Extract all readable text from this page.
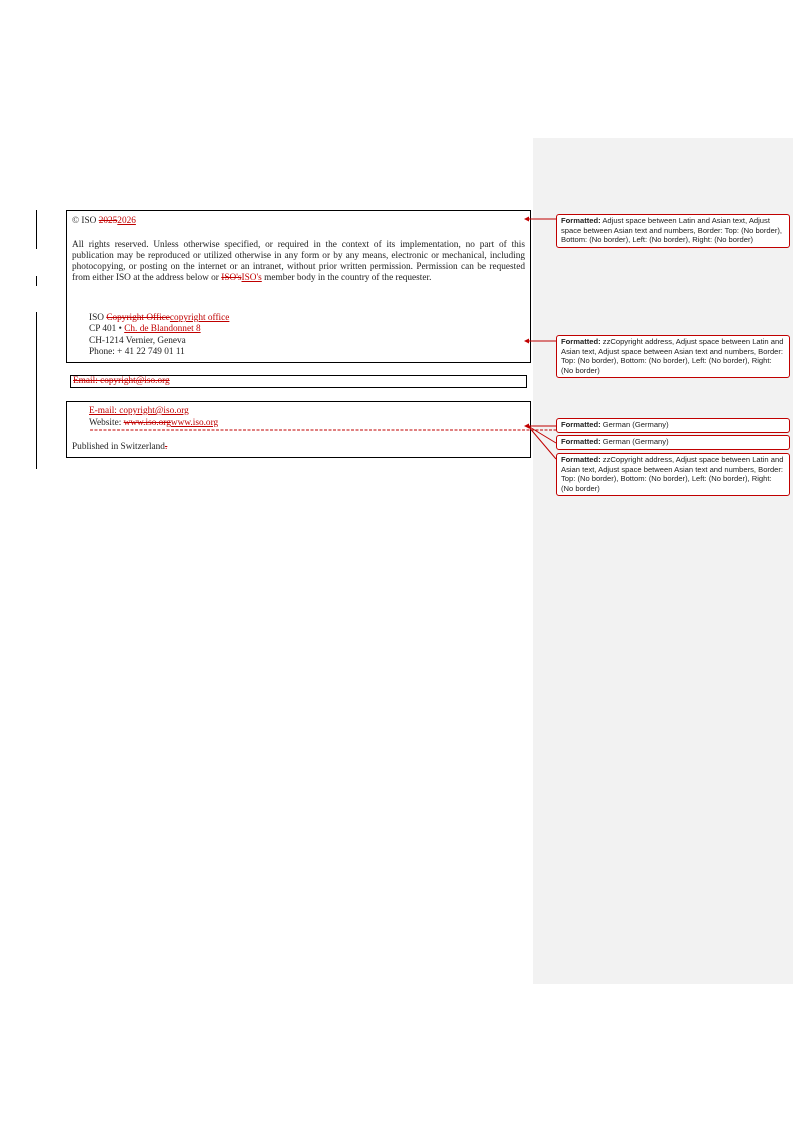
© ISO 20252026
All rights reserved. Unless otherwise specified, or required in the context of its implementation, no part of this publication may be reproduced or utilized otherwise in any form or by any means, electronic or mechanical, including photocopying, or posting on the internet or an intranet, without prior written permission. Permission can be requested from either ISO at the address below or ISO'sISO's member body in the country of the requester.
ISO Copyright Officecopyright office
CP 401 • Ch. de Blandonnet 8
CH-1214 Vernier, Geneva
Phone: + 41 22 749 01 11
Email: copyright@iso.org
E-mail: copyright@iso.org
Website: www.iso.orgwww.iso.org
Published in Switzerland.
Formatted: Adjust space between Latin and Asian text, Adjust space between Asian text and numbers, Border: Top: (No border), Bottom: (No border), Left: (No border), Right: (No border)
Formatted: zzCopyright address, Adjust space between Latin and Asian text, Adjust space between Asian text and numbers, Border: Top: (No border), Bottom: (No border), Left: (No border), Right: (No border)
Formatted: German (Germany)
Formatted: German (Germany)
Formatted: zzCopyright address, Adjust space between Latin and Asian text, Adjust space between Asian text and numbers, Border: Top: (No border), Bottom: (No border), Left: (No border), Right: (No border)
